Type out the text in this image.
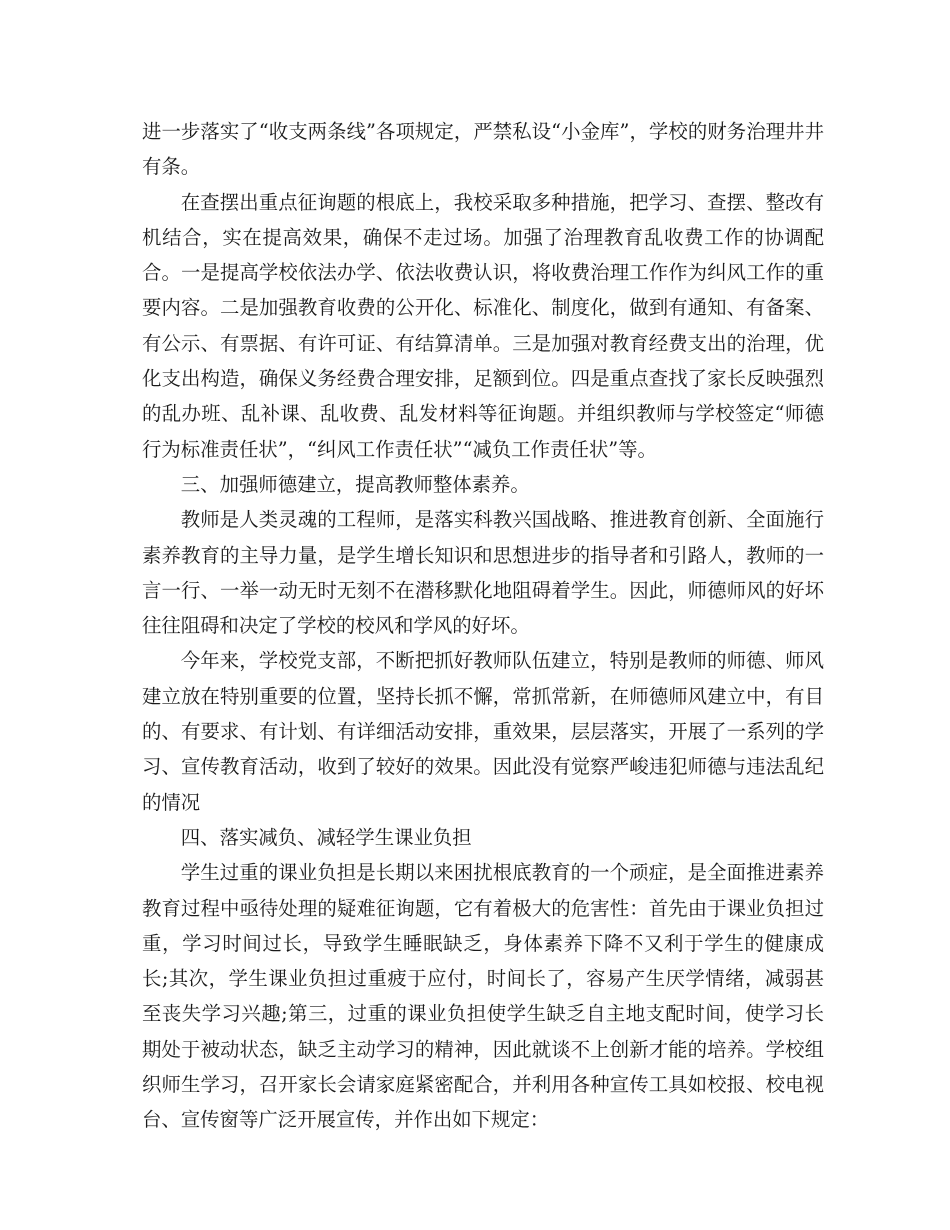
进一步落实了“收支两条线”各项规定，严禁私设“小金库”，学校的财务治理井井有条。

在查摆出重点征询题的根底上，我校采取多种措施，把学习、查摆、整改有机结合，实在提高效果，确保不走过场。加强了治理教育乱收费工作的协调配合。一是提高学校依法办学、依法收费认识，将收费治理工作作为纠风工作的重要内容。二是加强教育收费的公开化、标准化、制度化，做到有通知、有备案、有公示、有票据、有许可证、有结算清单。三是加强对教育经费支出的治理，优化支出构造，确保义务经费合理安排，足额到位。四是重点查找了家长反映强烈的乱办班、乱补课、乱收费、乱发材料等征询题。并组织教师与学校签定“师德行为标准责任状”，“纠风工作责任状”“减负工作责任状”等。

三、加强师德建立，提高教师整体素养。

教师是人类灵魂的工程师，是落实科教兴国战略、推进教育创新、全面施行素养教育的主导力量，是学生增长知识和思想进步的指导者和引路人，教师的一言一行、一举一动无时无刻不在潜移默化地阻碍着学生。因此，师德师风的好坏往往阻碍和决定了学校的校风和学风的好坏。

今年来，学校党支部，不断把抓好教师队伍建立，特别是教师的师德、师风建立放在特别重要的位置，坚持长抓不懈，常抓常新，在师德师风建立中，有目的、有要求、有计划、有详细活动安排，重效果，层层落实，开展了一系列的学习、宣传教育活动，收到了较好的效果。因此没有觉察严峻违犯师德与违法乱纪的情况

四、落实减负、减轻学生课业负担

学生过重的课业负担是长期以来困扰根底教育的一个顽症，是全面推进素养教育过程中亟待处理的疑难征询题，它有着极大的危害性：首先由于课业负担过重，学习时间过长，导致学生睡眠缺乏，身体素养下降不又利于学生的健康成长;其次，学生课业负担过重疲于应付，时间长了，容易产生厌学情绪，减弱甚至丧失学习兴趣;第三，过重的课业负担使学生缺乏自主地支配时间，使学习长期处于被动状态，缺乏主动学习的精神，因此就谈不上创新才能的培养。学校组织师生学习，召开家长会请家庭紧密配合，并利用各种宣传工具如校报、校电视台、宣传窗等广泛开展宣传，并作出如下规定：
